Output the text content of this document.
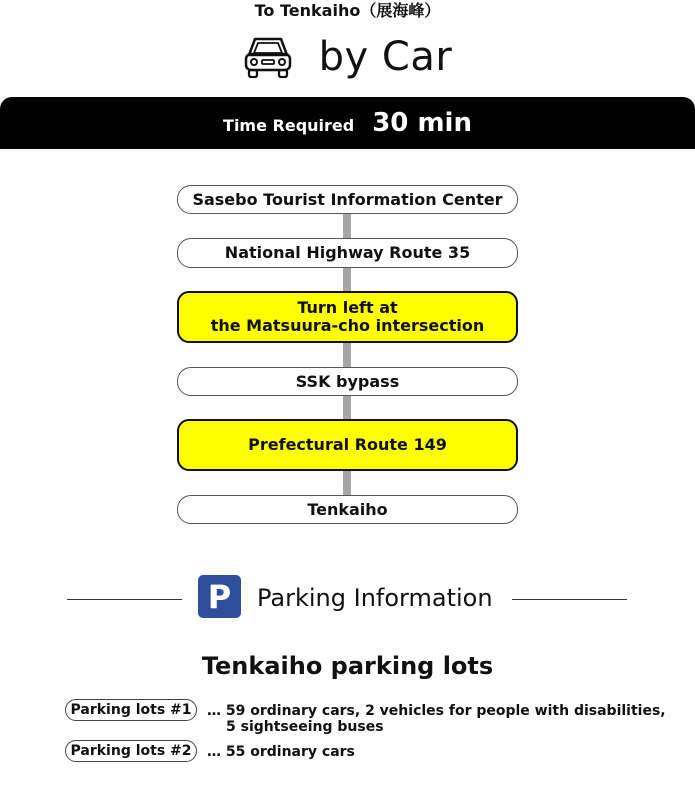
To Tenkaiho（展海峰）
by Car
Time Required 30 min
Sasebo Tourist Information Center
National Highway Route 35
Turn left at
the Matsuura-cho intersection
SSK bypass
Prefectural Route 149
Tenkaiho
P Parking Information
Tenkaiho parking lots
Parking lots #1 … 59 ordinary cars, 2 vehicles for people with disabilities,
5 sightseeing buses
Parking lots #2 … 55 ordinary cars
